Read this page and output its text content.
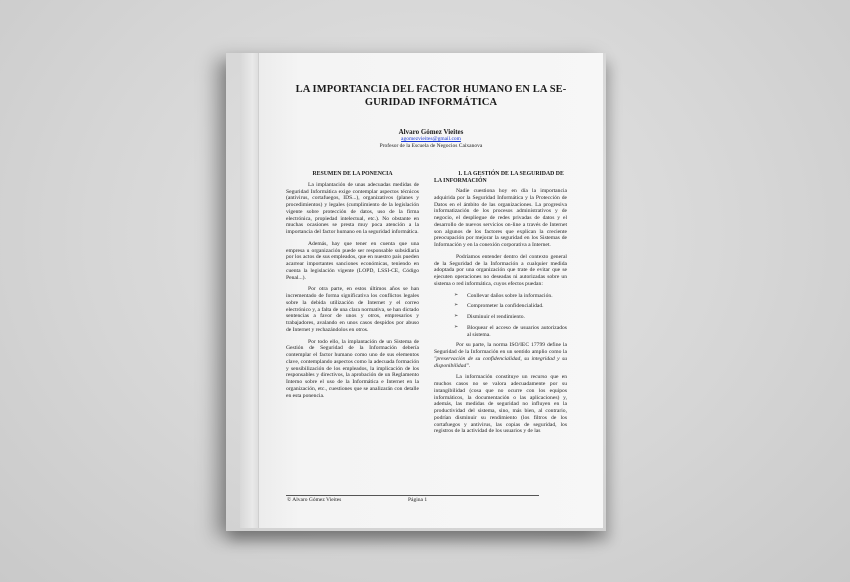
LA IMPORTANCIA DEL FACTOR HUMANO EN LA SE-
GURIDAD INFORMÁTICA
Alvaro Gómez Vieites
agomezvieites@gmail.com
Profesor de la Escuela de Negocios Caixanova
RESUMEN DE LA PONENCIA

La implantación de unas adecuadas medidas de Seguridad Informática exige contemplar aspectos técnicos (antivirus, cortafuegos, IDS...), organizativos (planes y procedimientos) y legales (cumplimiento de la legislación vigente sobre protección de datos, uso de la firma electrónica, propiedad intelectual, etc.). No obstante en muchas ocasiones se presta muy poca atención a la importancia del factor humano en la seguridad informática.

Además, hay que tener en cuenta que una empresa u organización puede ser responsable subsidiaria por los actos de sus empleados, que en nuestro país pueden acarrear importantes sanciones económicas, teniendo en cuenta la legislación vigente (LOPD, LSSI-CE, Código Penal...).

Por otra parte, en estos últimos años se han incrementado de forma significativa los conflictos legales sobre la debida utilización de Internet y el correo electrónico y, a falta de una clara normativa, se han dictado sentencias a favor de unos y otros, empresarios y trabajadores, avalando en unos casos despidos por abuso de Internet y rechazándolos en otros.

Por todo ello, la implantación de un Sistema de Gestión de Seguridad de la Información debería contemplar el factor humano como uno de sus elementos clave, contemplando aspectos como la adecuada formación y sensibilización de los empleados, la implicación de los responsables y directivos, la aprobación de un Reglamento Interno sobre el uso de la Informática e Internet en la organización, etc., cuestiones que se analizarán con detalle en esta ponencia.

1. LA GESTIÓN DE LA SEGURIDAD DE LA INFORMACIÓN

Nadie cuestiona hoy en día la importancia adquirida por la Seguridad Informática y la Protección de Datos en el ámbito de las organizaciones. La progresiva informatización de los procesos administrativos y de negocio, el despliegue de redes privadas de datos y el desarrollo de nuevos servicios on-line a través de Internet son algunos de los factores que explican la creciente preocupación por mejorar la seguridad en los Sistemas de Información y en la conexión corporativa a Internet.

Podríamos entender dentro del contexto general de la Seguridad de la Información a cualquier medida adoptada por una organización que trate de evitar que se ejecuten operaciones no deseadas ni autorizadas sobre un sistema o red informática, cuyos efectos puedan:

➢ Conllevar daños sobre la información.
➢ Comprometer la confidencialidad.
➢ Disminuir el rendimiento.
➢ Bloquear el acceso de usuarios autorizados al sistema.

Por su parte, la norma ISO/IEC 17799 define la Seguridad de la Información en un sentido amplio como la "preservación de su confidencialidad, su integridad y su disponibilidad".

La información constituye un recurso que en muchos casos no se valora adecuadamente por su intangibilidad (cosa que no ocurre con los equipos informáticos, la documentación o las aplicaciones) y, además, las medidas de seguridad no influyen en la productividad del sistema, sino, más bien, al contrario, podrían disminuir su rendimiento (los filtros de los cortafuegos y antivirus, las copias de seguridad, los registros de la actividad de los usuarios y de las

© Alvaro Gómez Vieites	Página 1
